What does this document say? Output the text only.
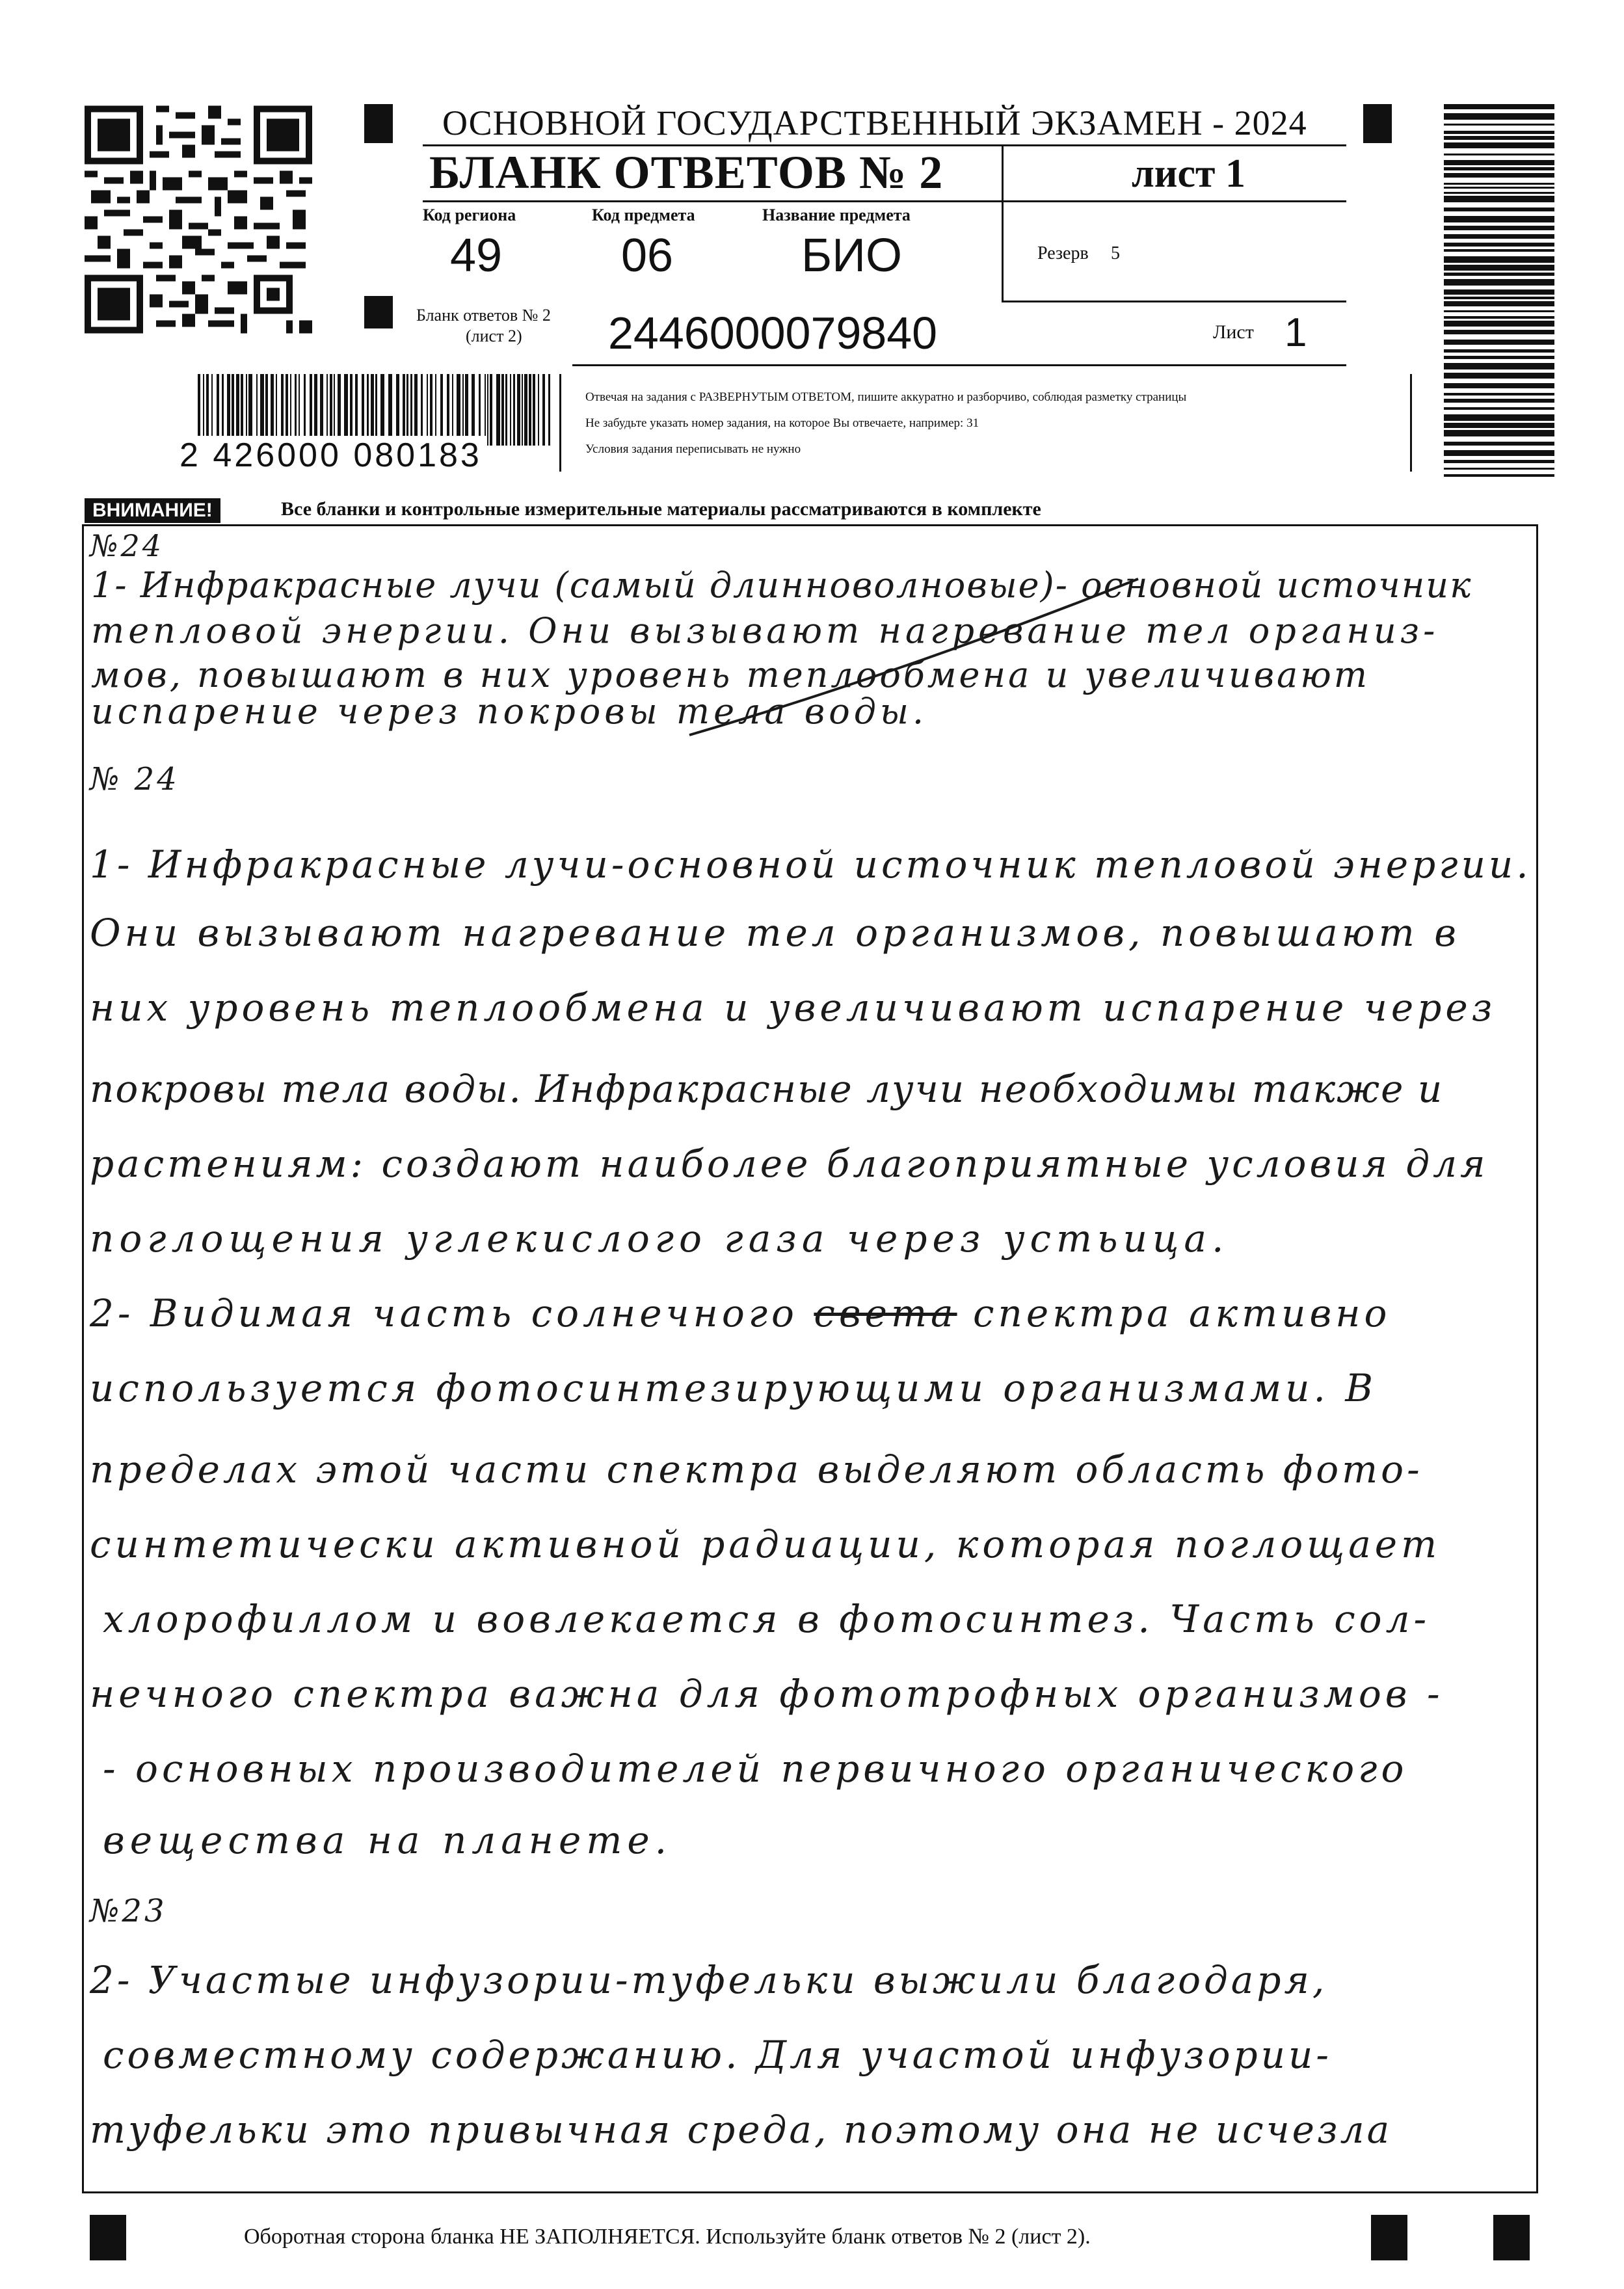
ОСНОВНОЙ ГОСУДАРСТВЕННЫЙ ЭКЗАМЕН - 2024
БЛАНК ОТВЕТОВ № 2	лист 1
Код региона
49
Код предмета
06
Название предмета
БИО	Резерв 5
Бланк ответов № 2
(лист 2) 2446000079840	Лист 1
2 426000 080183
Отвечая на задания с РАЗВЕРНУТЫМ ОТВЕТОМ, пишите аккуратно и разборчиво, соблюдая разметку страницы
Не забудьте указать номер задания, на которое Вы отвечаете, например: 31
Условия задания переписывать не нужно
ВНИМАНИЕ!	Все бланки и контрольные измерительные материалы рассматриваются в комплекте
№24
1- Инфракрасные лучи (самый длинноволновые)- основной источник
тепловой энергии. Они вызывают нагревание тел организ-
мов, повышают в них уровень теплообмена и увеличивают
испарение через покровы тела воды.
№ 24
1- Инфракрасные лучи-основной источник тепловой энергии.
Они вызывают нагревание тел организмов, повышают в
них уровень теплообмена и увеличивают испарение через
покровы тела воды. Инфракрасные лучи необходимы также и
растениям: создают наиболее благоприятные условия для
поглощения углекислого газа через устьица.
2- Видимая часть солнечного света спектра активно
используется фотосинтезирующими организмами. В
пределах этой части спектра выделяют область фото-
синтетически активной радиации, которая поглощает
хлорофиллом и вовлекается в фотосинтез. Часть сол-
нечного спектра важна для фототрофных организмов -
- основных производителей первичного органического
вещества на планете.
№23
2- Участые инфузории-туфельки выжили благодаря,
совместному содержанию. Для участой инфузории-
туфельки это привычная среда, поэтому она не исчезла
Оборотная сторона бланка НЕ ЗАПОЛНЯЕТСЯ. Используйте бланк ответов № 2 (лист 2).
